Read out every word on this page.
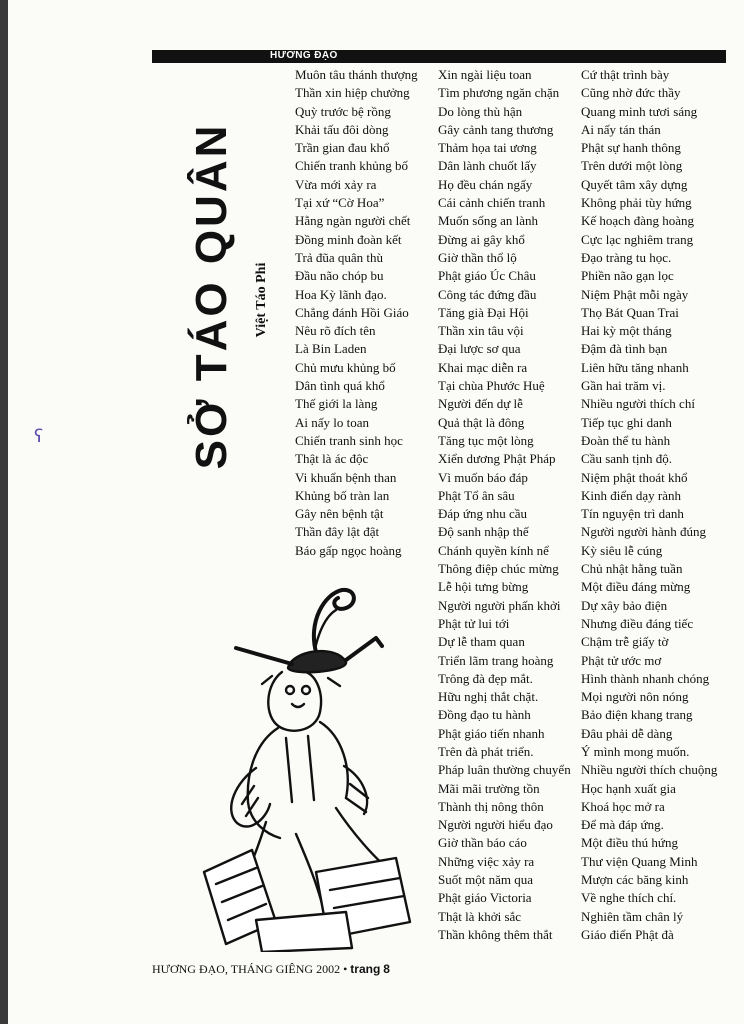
HƯƠNG ĐẠO
SỞ TÁO QUÂN Việt Táo Phi
ʕ
Muôn tâu thánh thượng
Thần xin hiệp chưởng
Quỳ trước bệ rồng
Khải tấu đôi dòng
Trần gian đau khổ
Chiến tranh khủng bố
Vừa mới xảy ra
Tại xứ “Cờ Hoa”
Hằng ngàn người chết
Đồng minh đoàn kết
Trả đũa quân thù
Đầu não chóp bu
Hoa Kỳ lãnh đạo.
Chẳng đánh Hồi Giáo
Nêu rõ đích tên
Là Bin Laden
Chủ mưu khủng bố
Dân tình quá khổ
Thế giới la làng
Ai nấy lo toan
Chiến tranh sinh học
Thật là ác độc
Vi khuẩn bệnh than
Khủng bố tràn lan
Gây nên bệnh tật
Thần đây lật đật
Báo gấp ngọc hoàng
Xin ngài liệu toan
Tìm phương ngăn chặn
Do lòng thù hận
Gây cảnh tang thương
Thảm họa tai ương
Dân lành chuốt lấy
Họ đều chán ngấy
Cái cảnh chiến tranh
Muốn sống an lành
Đừng ai gây khổ
Giờ thần thổ lộ
Phật giáo Úc Châu
Công tác đứng đầu
Tăng già Đại Hội
Thần xin tâu vội
Đại lược sơ qua
Khai mạc diễn ra
Tại chùa Phước Huệ
Người đến dự lễ
Quả thật là đông
Tăng tục một lòng
Xiển dương Phật Pháp
Vì muốn báo đáp
Phật Tổ ân sâu
Đáp ứng nhu cầu
Độ sanh nhập thế
Chánh quyền kính nể
Thông điệp chúc mừng
Lễ hội tưng bừng
Người người phấn khởi
Phật tử lui tới
Dự lễ tham quan
Triển lãm trang hoàng
Trông đà đẹp mắt.
Hữu nghị thắt chặt.
Đồng đạo tu hành
Phật giáo tiến nhanh
Trên đà phát triển.
Pháp luân thường chuyển
Mãi mãi trường tồn
Thành thị nông thôn
Người người hiểu đạo
Giờ thần báo cáo
Những việc xảy ra
Suốt một năm qua
Phật giáo Victoria
Thật là khởi sắc
Thần không thêm thắt
Cứ thật trình bày
Cũng nhờ đức thầy
Quang minh tươi sáng
Ai nấy tán thán
Phật sự hanh thông
Trên dưới một lòng
Quyết tâm xây dựng
Không phải tùy hứng
Kế hoạch đàng hoàng
Cực lạc nghiêm trang
Đạo tràng tu học.
Phiền não gạn lọc
Niệm Phật mỗi ngày
Thọ Bát Quan Trai
Hai kỳ một tháng
Đậm đà tình bạn
Liên hữu tăng nhanh
Gần hai trăm vị.
Nhiều người thích chí
Tiếp tục ghi danh
Đoàn thể tu hành
Cầu sanh tịnh độ.
Niệm phật thoát khổ
Kinh điển dạy rành
Tín nguyện trì danh
Người người hành đúng
Kỳ siêu lễ cúng
Chủ nhật hằng tuần
Một điều đáng mừng
Dự xây bảo điện
Nhưng điều đáng tiếc
Chậm trễ giấy tờ
Phật tử ước mơ
Hình thành nhanh chóng
Mọi người nôn nóng
Bảo điện khang trang
Đâu phải dễ dàng
Ý mình mong muốn.
Nhiều người thích chuộng
Học hạnh xuất gia
Khoá học mở ra
Để mà đáp ứng.
Một điều thú hứng
Thư viện Quang Minh
Mượn các băng kinh
Về nghe thích chí.
Nghiên tầm chân lý
Giáo điển Phật đà
HƯƠNG ĐẠO, THÁNG GIÊNG 2002 • trang 8
